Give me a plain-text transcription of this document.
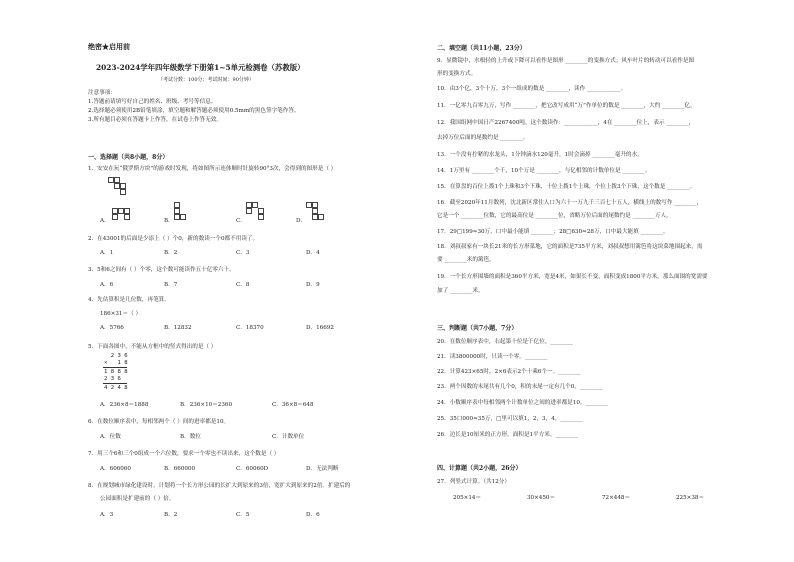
绝密★启用前
2023-2024学年四年级数学下册第1~5单元检测卷（苏教版）
（考试分数：100分；考试时间：90分钟）
注意事项：
1.答题前请填写好自己的姓名、班级、考号等信息。
2.选择题必须使用2B铅笔填涂，填空题和解答题必须使用0.5mm的黑色签字笔作答。
3.所有题目必须在答题卡上作答，在试卷上作答无效。
一、选择题（共8小题，8分）
1．安安在玩“俄罗斯方块”的游戏时发现，将如图所示连体顺时针旋转90°3次，会得到的图形是（ ）
A．	B．	C．	D．
2．在43001的后面是少添上（ ）个0，新的数读一个0都不用读了。
A．1	B．2	C．3	D．4
3．5和6之间有（ ）个零，这个数可能读作五十亿零六十。
A．6	B．7	C．8	D．9
4．先估算积是几位数，再笔算。
186×31＝（ ）
A．5766	B．12832	C．18370	D．16692
5．下面各图中，不能从方框中的竖式得出的是（ ）
2 3 6
×   1 8
1 8 8 8
2 3 6
4 2 4 8
A．236×8＝1888	B．236×10＝2360	C．36×8＝648
6．在数位顺序表中，每相邻两个（ ）间的进率都是10。
A．位数	B．数位	C．计数单位
7．用三个6和三个0组成一个六位数，要求一个零也不读出来，这个数是（ ）
A．606060	B．660000	C．60060D	D．无法判断
8．在规划城市绿化建设时，计划将一个长方形公园的长扩大到原来的3倍，宽扩大到原来的2倍。扩建后的
公园面积是扩建前的（ ）倍。
A．3	B．2	C．5	D．6
二、填空题（共11小题，23分）
9．显微镜中，水根轻的上升或下降可以看作是图形 ________的变换方式；风车叶片的转动可以看作是图
形的变换方式。
10．由3个亿，3个十万，3个一组成的数是 ________，读作 ____________。
11．一亿零九百零九万，写作 ________，把它改写成用“万”作单位的数是 ________，大约 ________亿。
12．我国组网中国日产2267400吨，这个数读作：____________，4在 ________位上，表示 ________，
去掉万位后面的尾数约是 ________。
13．一个没有拧紧的水龙头，1分钟滴水120毫升，1时会滴掉 ________毫升的水。
14．1万里有 ________个千，10个万是 ________，与亿相邻的计数单位是 ________。
15．在算盘的百位上拨1个上珠和3个下珠，十位上拨1个上珠，个位上拨3个下珠，这个数是 ________。
16．截至2020年11月数列，沈北新区常住人口为六十一万九千三百七十五人，横线上的数写作 ________，
它是一个 ________位数，它的最高位是 ________位，省略万位后面的尾数约是 ________万人。
17．29□199≈30万，口中最小能填 ________；28□630≈28万，口中最大能填 ________。
18．刘叔叔家有一块长21米的长方形菜地，它的面积是735平方米，刘叔叔想用篱笆将这块菜地围起来，需
要 ________米的篱笆。
19．一个长方形围墙的面积是360平方米，宽是4米，如果长不变，面积变成1800平方米，那么面围的宽需要
加了 ________米。
三、判断题（共7小题，7分）
20．在数位顺序表中，右起第十位是千亿位。________
21．读3800000时，只读一个零。________
22．计算423×65时，2×6表示2个十乘6个一。________
23．两个因数的末尾共有几个0，积的末尾一定有几个0。________
24．小数顺序表中每相邻两个计数单位之间的进率都是10。________
25．35口000≈35万，□里可以填1，2，3，4。________
26．边长是10厘米的正方形，面积是1平方米。________
四、计算题（共2小题，26分）
27．列竖式计算。（共12分）
205×14＝	30×450＝	72×448＝	225×38＝
